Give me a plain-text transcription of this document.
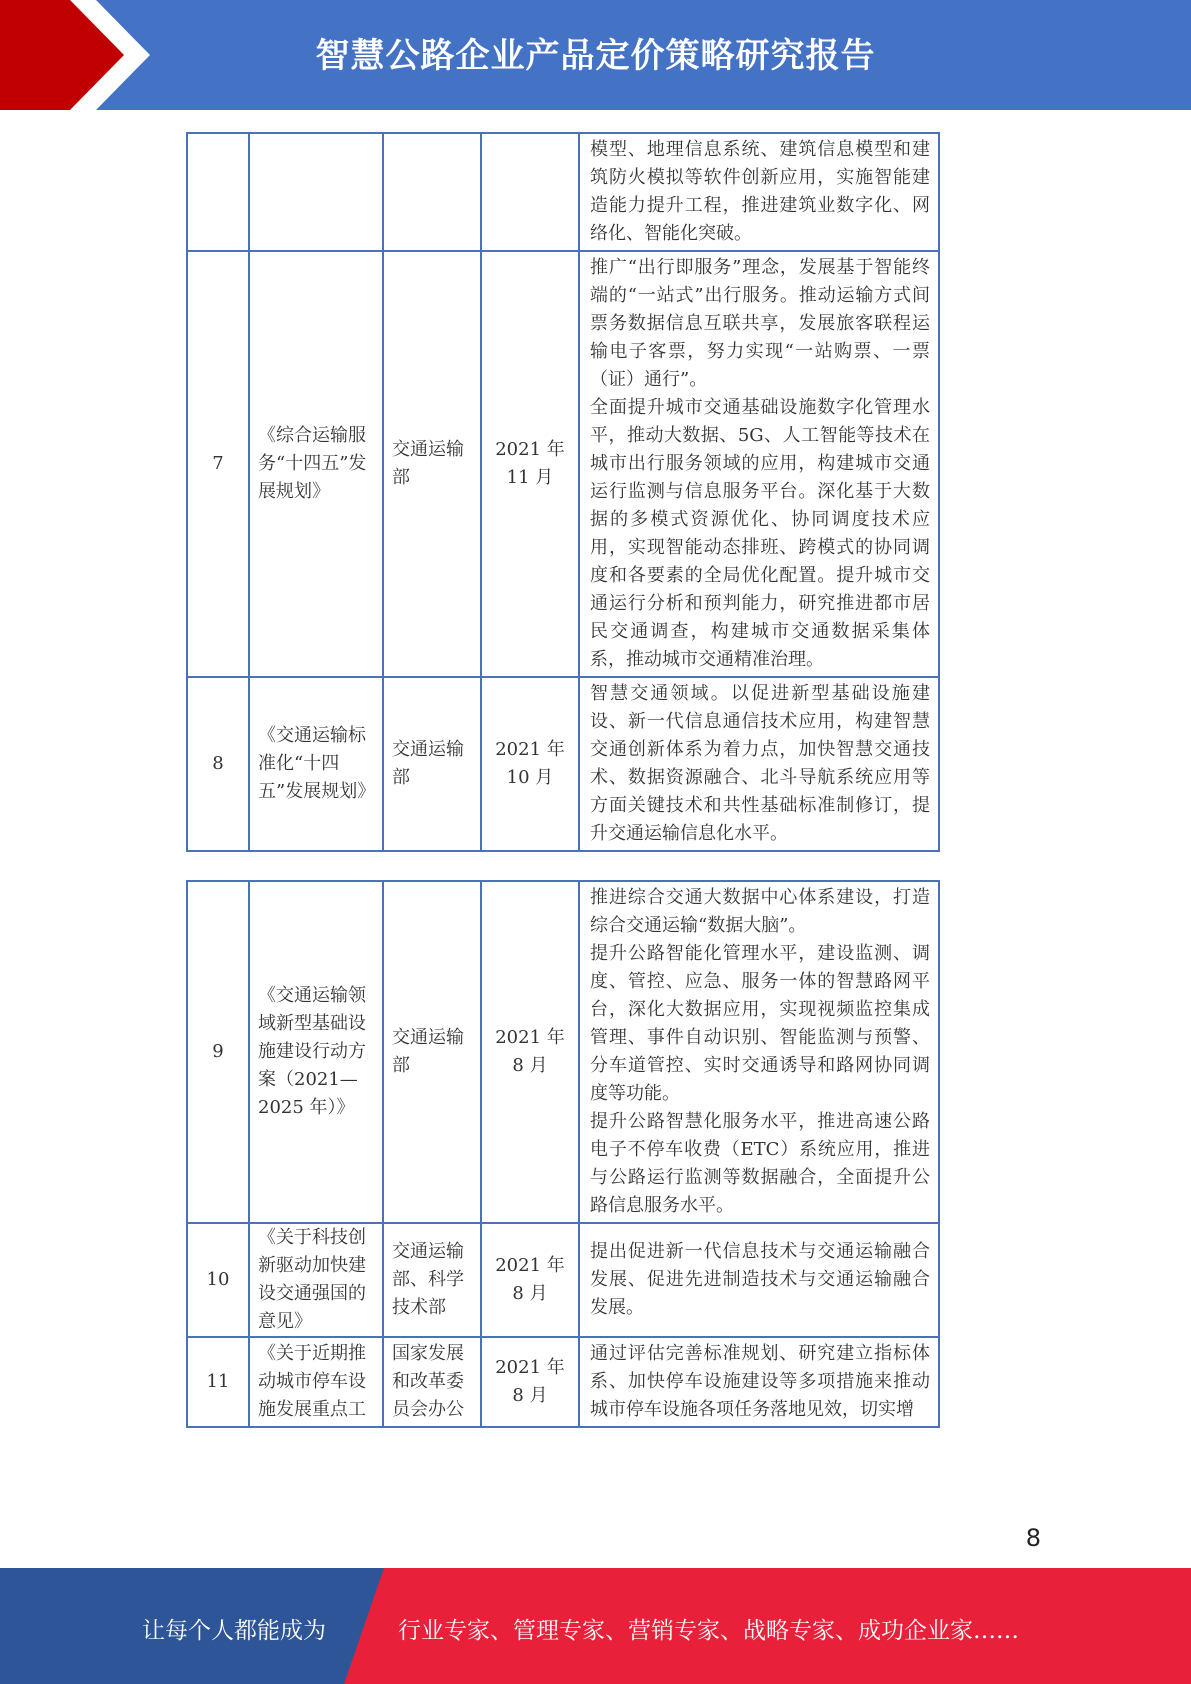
智慧公路企业产品定价策略研究报告

				模型、地理信息系统、建筑信息模型和建筑防火模拟等软件创新应用，实施智能建造能力提升工程，推进建筑业数字化、网络化、智能化突破。

7	《综合运输服务“十四五”发展规划》	交通运输部	2021 年 11 月	推广“出行即服务”理念，发展基于智能终端的“一站式”出行服务。推动运输方式间票务数据信息互联共享，发展旅客联程运输电子客票，努力实现“一站购票、一票（证）通行”。
全面提升城市交通基础设施数字化管理水平，推动大数据、5G、人工智能等技术在城市出行服务领域的应用，构建城市交通运行监测与信息服务平台。深化基于大数据的多模式资源优化、协同调度技术应用，实现智能动态排班、跨模式的协同调度和各要素的全局优化配置。提升城市交通运行分析和预判能力，研究推进都市居民交通调查，构建城市交通数据采集体系，推动城市交通精准治理。

8	《交通运输标准化“十四五”发展规划》	交通运输部	2021 年 10 月	智慧交通领域。以促进新型基础设施建设、新一代信息通信技术应用，构建智慧交通创新体系为着力点，加快智慧交通技术、数据资源融合、北斗导航系统应用等方面关键技术和共性基础标准制修订，提升交通运输信息化水平。
9	《交通运输领域新型基础设施建设行动方案（2021—2025 年）》	交通运输部	2021 年 8 月	推进综合交通大数据中心体系建设，打造综合交通运输“数据大脑”。
提升公路智能化管理水平，建设监测、调度、管控、应急、服务一体的智慧路网平台，深化大数据应用，实现视频监控集成管理、事件自动识别、智能监测与预警、分车道管控、实时交通诱导和路网协同调度等功能。
提升公路智慧化服务水平，推进高速公路电子不停车收费（ETC）系统应用，推进与公路运行监测等数据融合，全面提升公路信息服务水平。

10	《关于科技创新驱动加快建设交通强国的意见》	交通运输部、科学技术部	2021 年 8 月	提出促进新一代信息技术与交通运输融合发展、促进先进制造技术与交通运输融合发展。

11	《关于近期推动城市停车设施发展重点工	国家发展和改革委员会办公	2021 年 8 月	通过评估完善标准规划、研究建立指标体系、加快停车设施建设等多项措施来推动城市停车设施各项任务落地见效，切实增
8
让每个人都能成为	行业专家、管理专家、营销专家、战略专家、成功企业家……
